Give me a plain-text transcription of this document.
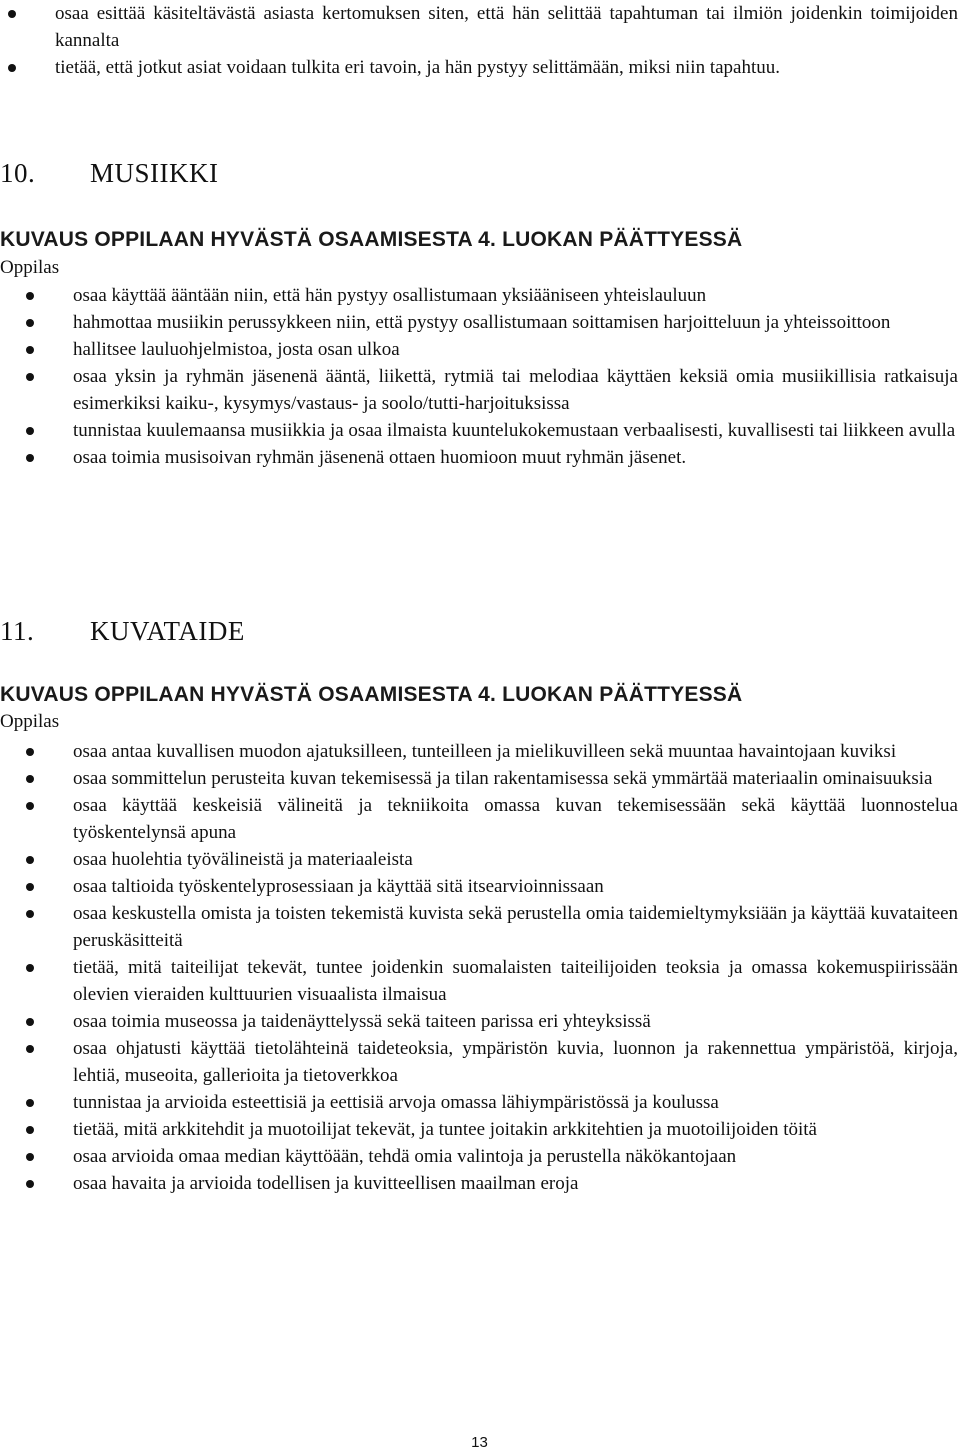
osaa esittää käsiteltävästä asiasta kertomuksen siten, että hän selittää tapahtuman tai ilmiön joidenkin toimijoiden kannalta
tietää, että jotkut asiat voidaan tulkita eri tavoin, ja hän pystyy selittämään, miksi niin tapahtuu.
10. MUSIIKKI
KUVAUS OPPILAAN HYVÄSTÄ OSAAMISESTA 4. LUOKAN PÄÄTTYESSÄ

Oppilas

osaa käyttää ääntään niin, että hän pystyy osallistumaan yksiääniseen yhteislauluun
hahmottaa musiikin perussykkeen niin, että pystyy osallistumaan soittamisen harjoitteluun ja yhteissoittoon
hallitsee lauluohjelmistoa, josta osan ulkoa
osaa yksin ja ryhmän jäsenenä ääntä, liikettä, rytmiä tai melodiaa käyttäen keksiä omia musiikillisia ratkaisuja esimerkiksi kaiku-, kysymys/vastaus- ja soolo/tutti-harjoituksissa
tunnistaa kuulemaansa musiikkia ja osaa ilmaista kuuntelukokemustaan verbaalisesti, kuvallisesti tai liikkeen avulla
osaa toimia musisoivan ryhmän jäsenenä ottaen huomioon muut ryhmän jäsenet.
11. KUVATAIDE
KUVAUS OPPILAAN HYVÄSTÄ OSAAMISESTA 4. LUOKAN PÄÄTTYESSÄ

Oppilas

osaa antaa kuvallisen muodon ajatuksilleen, tunteilleen ja mielikuvilleen sekä muuntaa havaintojaan kuviksi
osaa sommittelun perusteita kuvan tekemisessä ja tilan rakentamisessa sekä ymmärtää materiaalin ominaisuuksia
osaa käyttää keskeisiä välineitä ja tekniikoita omassa kuvan tekemisessään sekä käyttää luonnostelua työskentelynsä apuna
osaa huolehtia työvälineistä ja materiaaleista
osaa taltioida työskentelyprosessiaan ja käyttää sitä itsearvioinnissaan
osaa keskustella omista ja toisten tekemistä kuvista sekä perustella omia taidemieltymyksiään ja käyttää kuvataiteen peruskäsitteitä
tietää, mitä taiteilijat tekevät, tuntee joidenkin suomalaisten taiteilijoiden teoksia ja omassa kokemuspiirissään olevien vieraiden kulttuurien visuaalista ilmaisua
osaa toimia museossa ja taidenäyttelyssä sekä taiteen parissa eri yhteyksissä
osaa ohjatusti käyttää tietolähteinä taideteoksia, ympäristön kuvia, luonnon ja rakennettua ympäristöä, kirjoja, lehtiä, museoita, gallerioita ja tietoverkkoa
tunnistaa ja arvioida esteettisiä ja eettisiä arvoja omassa lähiympäristössä ja koulussa
tietää, mitä arkkitehdit ja muotoilijat tekevät, ja tuntee joitakin arkkitehtien ja muotoilijoiden töitä
osaa arvioida omaa median käyttöään, tehdä omia valintoja ja perustella näkökantojaan
osaa havaita ja arvioida todellisen ja kuvitteellisen maailman eroja
13
